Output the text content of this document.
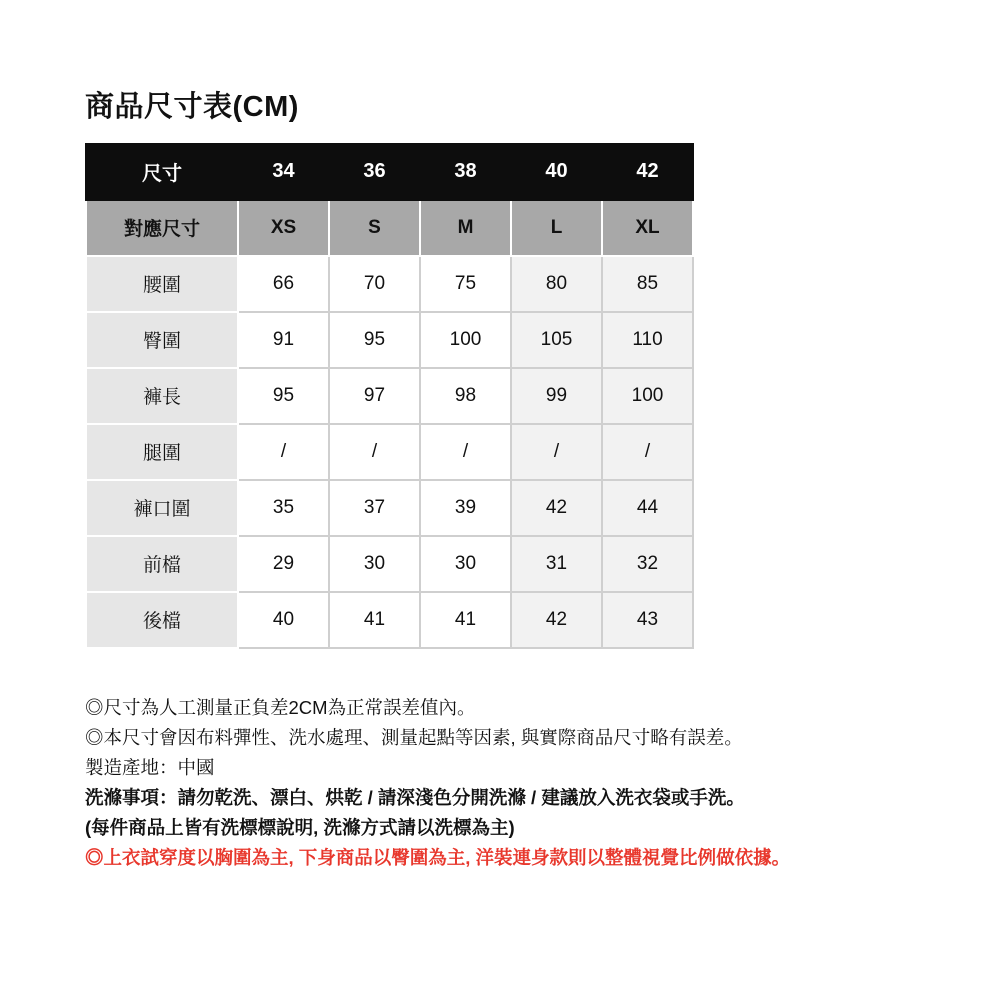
商品尺寸表(CM)
尺寸	34	36	38	40	42
對應尺寸	XS	S	M	L	XL
腰圍	66	70	75	80	85
臀圍	91	95	100	105	110
褲長	95	97	98	99	100
腿圍	/	/	/	/	/
褲口圍	35	37	39	42	44
前檔	29	30	30	31	32
後檔	40	41	41	42	43
◎尺寸為人工測量正負差2CM為正常誤差值內。
◎本尺寸會因布料彈性、洗水處理、測量起點等因素, 與實際商品尺寸略有誤差。
製造產地：中國
洗滌事項：請勿乾洗、漂白、烘乾 / 請深淺色分開洗滌 / 建議放入洗衣袋或手洗。
(每件商品上皆有洗標標說明, 洗滌方式請以洗標為主)
◎上衣試穿度以胸圍為主, 下身商品以臀圍為主, 洋裝連身款則以整體視覺比例做依據。
